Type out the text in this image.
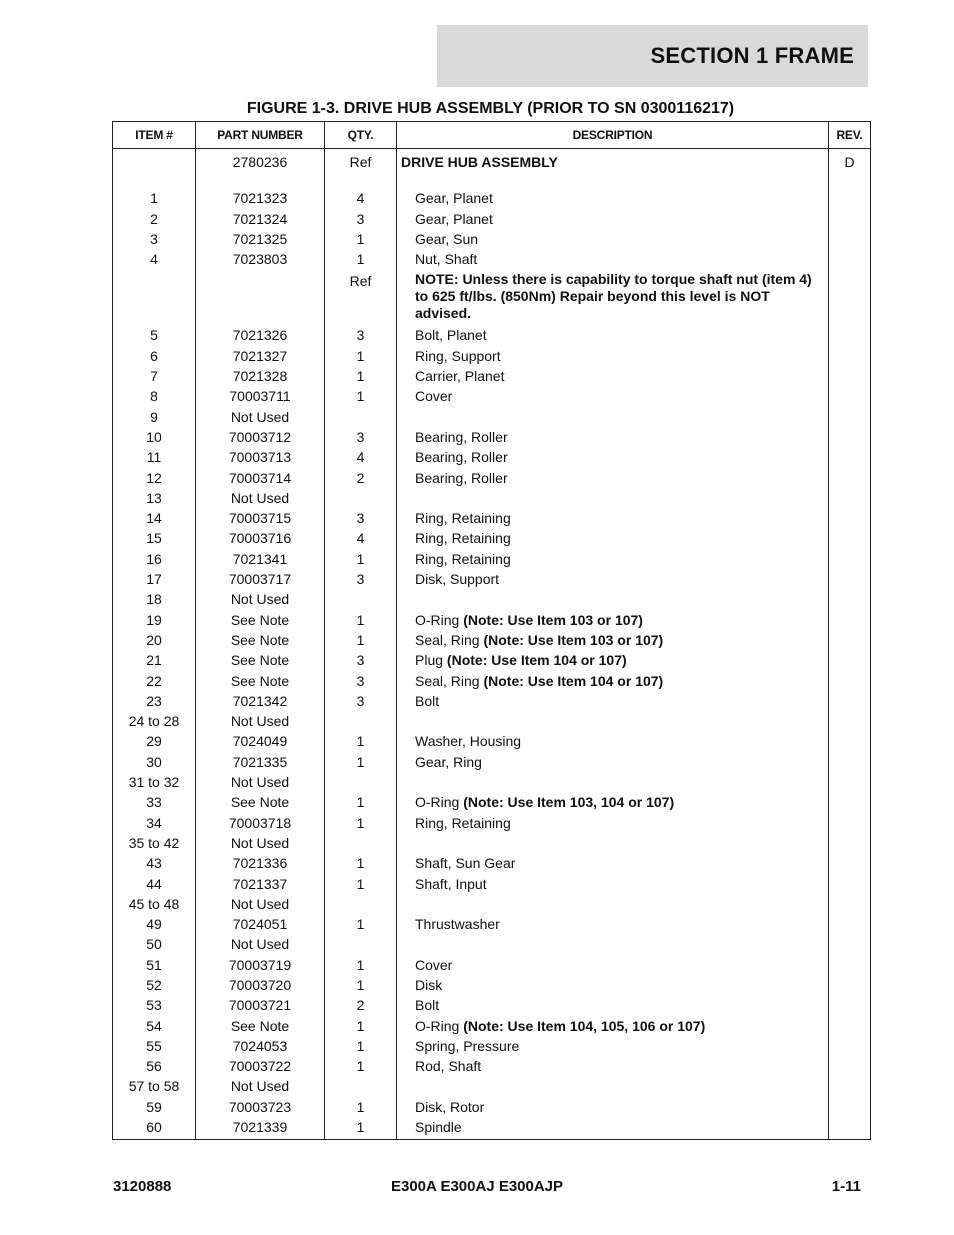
SECTION 1 FRAME
FIGURE 1-3. DRIVE HUB ASSEMBLY (PRIOR TO SN 0300116217)
ITEM #	PART NUMBER	QTY.	DESCRIPTION	REV.
	2780236	Ref	DRIVE HUB ASSEMBLY	D

1	7021323	4	Gear, Planet	
2	7021324	3	Gear, Planet	
3	7021325	1	Gear, Sun	
4	7023803	1	Nut, Shaft	
		Ref	NOTE: Unless there is capability to torque shaft nut (item 4) to 625 ft/lbs. (850Nm) Repair beyond this level is NOT advised.	
5	7021326	3	Bolt, Planet	
6	7021327	1	Ring, Support	
7	7021328	1	Carrier, Planet	
8	70003711	1	Cover	
9	Not Used			
10	70003712	3	Bearing, Roller	
11	70003713	4	Bearing, Roller	
12	70003714	2	Bearing, Roller	
13	Not Used			
14	70003715	3	Ring, Retaining	
15	70003716	4	Ring, Retaining	
16	7021341	1	Ring, Retaining	
17	70003717	3	Disk, Support	
18	Not Used			
19	See Note	1	O-Ring (Note: Use Item 103 or 107)	
20	See Note	1	Seal, Ring (Note: Use Item 103 or 107)	
21	See Note	3	Plug (Note: Use Item 104 or 107)	
22	See Note	3	Seal, Ring (Note: Use Item 104 or 107)	
23	7021342	3	Bolt	
24 to 28	Not Used			
29	7024049	1	Washer, Housing	
30	7021335	1	Gear, Ring	
31 to 32	Not Used			
33	See Note	1	O-Ring (Note: Use Item 103, 104 or 107)	
34	70003718	1	Ring, Retaining	
35 to 42	Not Used			
43	7021336	1	Shaft, Sun Gear	
44	7021337	1	Shaft, Input	
45 to 48	Not Used			
49	7024051	1	Thrustwasher	
50	Not Used			
51	70003719	1	Cover	
52	70003720	1	Disk	
53	70003721	2	Bolt	
54	See Note	1	O-Ring (Note: Use Item 104, 105, 106 or 107)	
55	7024053	1	Spring, Pressure	
56	70003722	1	Rod, Shaft	
57 to 58	Not Used			
59	70003723	1	Disk, Rotor	
60	7021339	1	Spindle	
3120888	E300A E300AJ E300AJP	1-11
